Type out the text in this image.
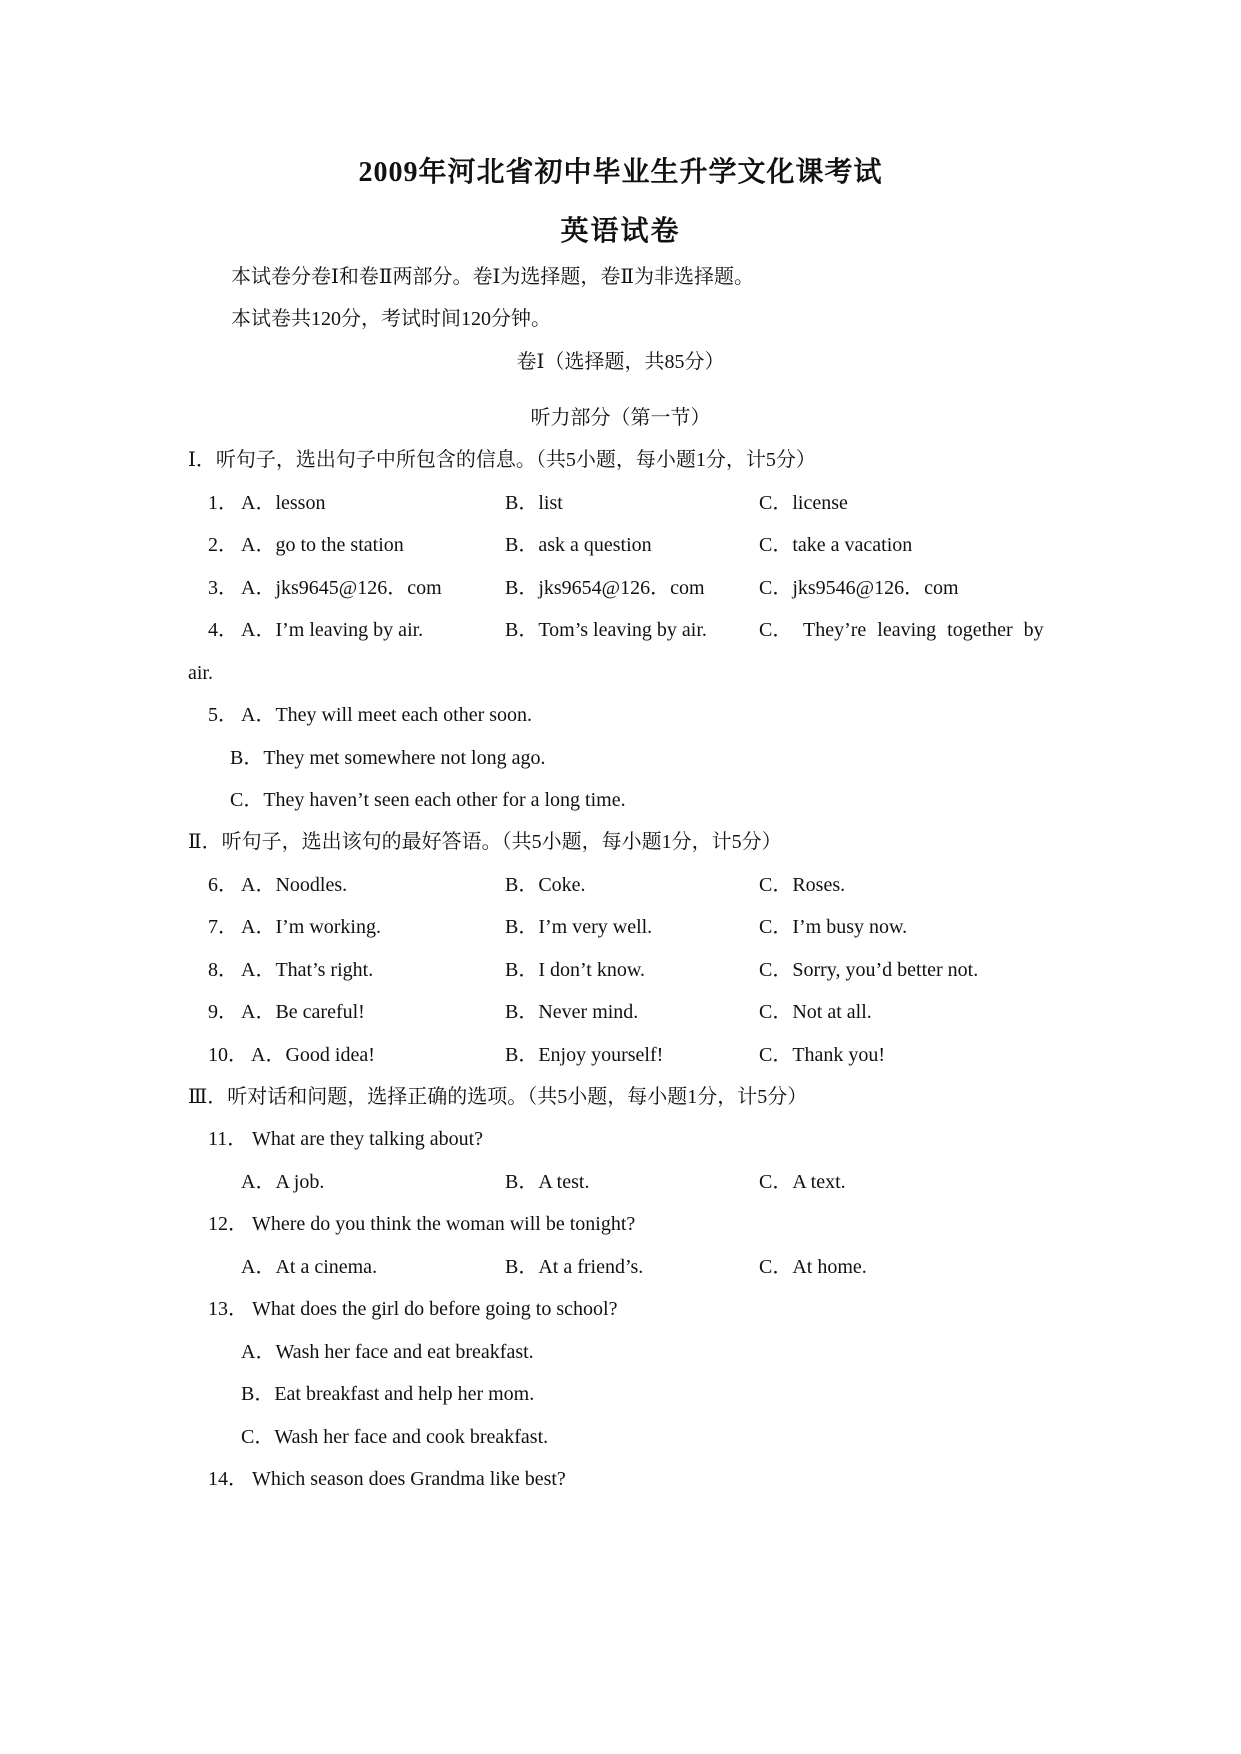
2009年河北省初中毕业生升学文化课考试
英语试卷
本试卷分卷Ⅰ和卷Ⅱ两部分。卷Ⅰ为选择题，卷Ⅱ为非选择题。
本试卷共120分，考试时间120分钟。
卷Ⅰ（选择题，共85分）
听力部分（第一节）
Ⅰ．听句子，选出句子中所包含的信息。（共5小题，每小题1分，计5分）
1． A．lesson	B．list	C．license
2． A．go to the station	B．ask a question	C．take a vacation
3． A．jks9645@126．com	B．jks9654@126．com	C．jks9546@126．com
4． A．I’m leaving by air.	B．Tom’s leaving by air.	C． They’re leaving together by
air.
5． A．They will meet each other soon.
B．They met somewhere not long ago.
C．They haven’t seen each other for a long time.
Ⅱ．听句子，选出该句的最好答语。（共5小题，每小题1分，计5分）
6． A．Noodles.	B．Coke.	C．Roses.
7． A．I’m working.	B．I’m very well.	C．I’m busy now.
8． A．That’s right.	B．I don’t know.	C．Sorry, you’d better not.
9． A．Be careful!	B．Never mind.	C．Not at all.
10． A．Good idea!	B．Enjoy yourself!	C．Thank you!
Ⅲ．听对话和问题，选择正确的选项。（共5小题，每小题1分，计5分）
11． What are they talking about?
A．A job.	B．A test.	C．A text.
12． Where do you think the woman will be tonight?
A．At a cinema.	B．At a friend’s.	C．At home.
13． What does the girl do before going to school?
A．Wash her face and eat breakfast.
B．Eat breakfast and help her mom.
C．Wash her face and cook breakfast.
14． Which season does Grandma like best?
